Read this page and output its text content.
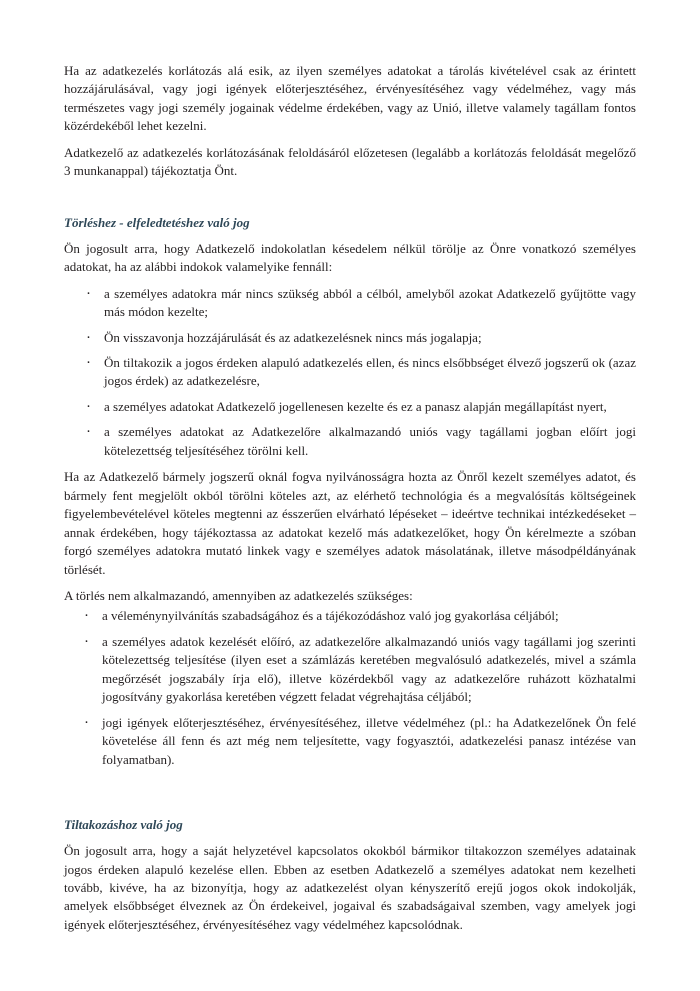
Ha az adatkezelés korlátozás alá esik, az ilyen személyes adatokat a tárolás kivételével csak az érintett hozzájárulásával, vagy jogi igények előterjesztéséhez, érvényesítéséhez vagy védelméhez, vagy más természetes vagy jogi személy jogainak védelme érdekében, vagy az Unió, illetve valamely tagállam fontos közérdekéből lehet kezelni.

Adatkezelő az adatkezelés korlátozásának feloldásáról előzetesen (legalább a korlátozás feloldását megelőző 3 munkanappal) tájékoztatja Önt.

Törléshez - elfeledtetéshez való jog

Ön jogosult arra, hogy Adatkezelő indokolatlan késedelem nélkül törölje az Önre vonatkozó személyes adatokat, ha az alábbi indokok valamelyike fennáll:

· a személyes adatokra már nincs szükség abból a célból, amelyből azokat Adatkezelő gyűjtötte vagy más módon kezelte;
· Ön visszavonja hozzájárulását és az adatkezelésnek nincs más jogalapja;
· Ön tiltakozik a jogos érdeken alapuló adatkezelés ellen, és nincs elsőbbséget élvező jogszerű ok (azaz jogos érdek) az adatkezelésre,
· a személyes adatokat Adatkezelő jogellenesen kezelte és ez a panasz alapján megállapítást nyert,
· a személyes adatokat az Adatkezelőre alkalmazandó uniós vagy tagállami jogban előírt jogi kötelezettség teljesítéséhez törölni kell.

Ha az Adatkezelő bármely jogszerű oknál fogva nyilvánosságra hozta az Önről kezelt személyes adatot, és bármely fent megjelölt okból törölni köteles azt, az elérhető technológia és a megvalósítás költségeinek figyelembevételével köteles megtenni az ésszerűen elvárható lépéseket – ideértve technikai intézkedéseket – annak érdekében, hogy tájékoztassa az adatokat kezelő más adatkezelőket, hogy Ön kérelmezte a szóban forgó személyes adatokra mutató linkek vagy e személyes adatok másolatának, illetve másodpéldányának törlését.

A törlés nem alkalmazandó, amennyiben az adatkezelés szükséges:

· a véleménynyilvánítás szabadságához és a tájékozódáshoz való jog gyakorlása céljából;
· a személyes adatok kezelését előíró, az adatkezelőre alkalmazandó uniós vagy tagállami jog szerinti kötelezettség teljesítése (ilyen eset a számlázás keretében megvalósuló adatkezelés, mivel a számla megőrzését jogszabály írja elő), illetve közérdekből vagy az adatkezelőre ruházott közhatalmi jogosítvány gyakorlása keretében végzett feladat végrehajtása céljából;
· jogi igények előterjesztéséhez, érvényesítéséhez, illetve védelméhez (pl.: ha Adatkezelőnek Ön felé követelése áll fenn és azt még nem teljesítette, vagy fogyasztói, adatkezelési panasz intézése van folyamatban).
Tiltakozáshoz való jog

Ön jogosult arra, hogy a saját helyzetével kapcsolatos okokból bármikor tiltakozzon személyes adatainak jogos érdeken alapuló kezelése ellen. Ebben az esetben Adatkezelő a személyes adatokat nem kezelheti tovább, kivéve, ha az bizonyítja, hogy az adatkezelést olyan kényszerítő erejű jogos okok indokolják, amelyek elsőbbséget élveznek az Ön érdekeivel, jogaival és szabadságaival szemben, vagy amelyek jogi igények előterjesztéséhez, érvényesítéséhez vagy védelméhez kapcsolódnak.
